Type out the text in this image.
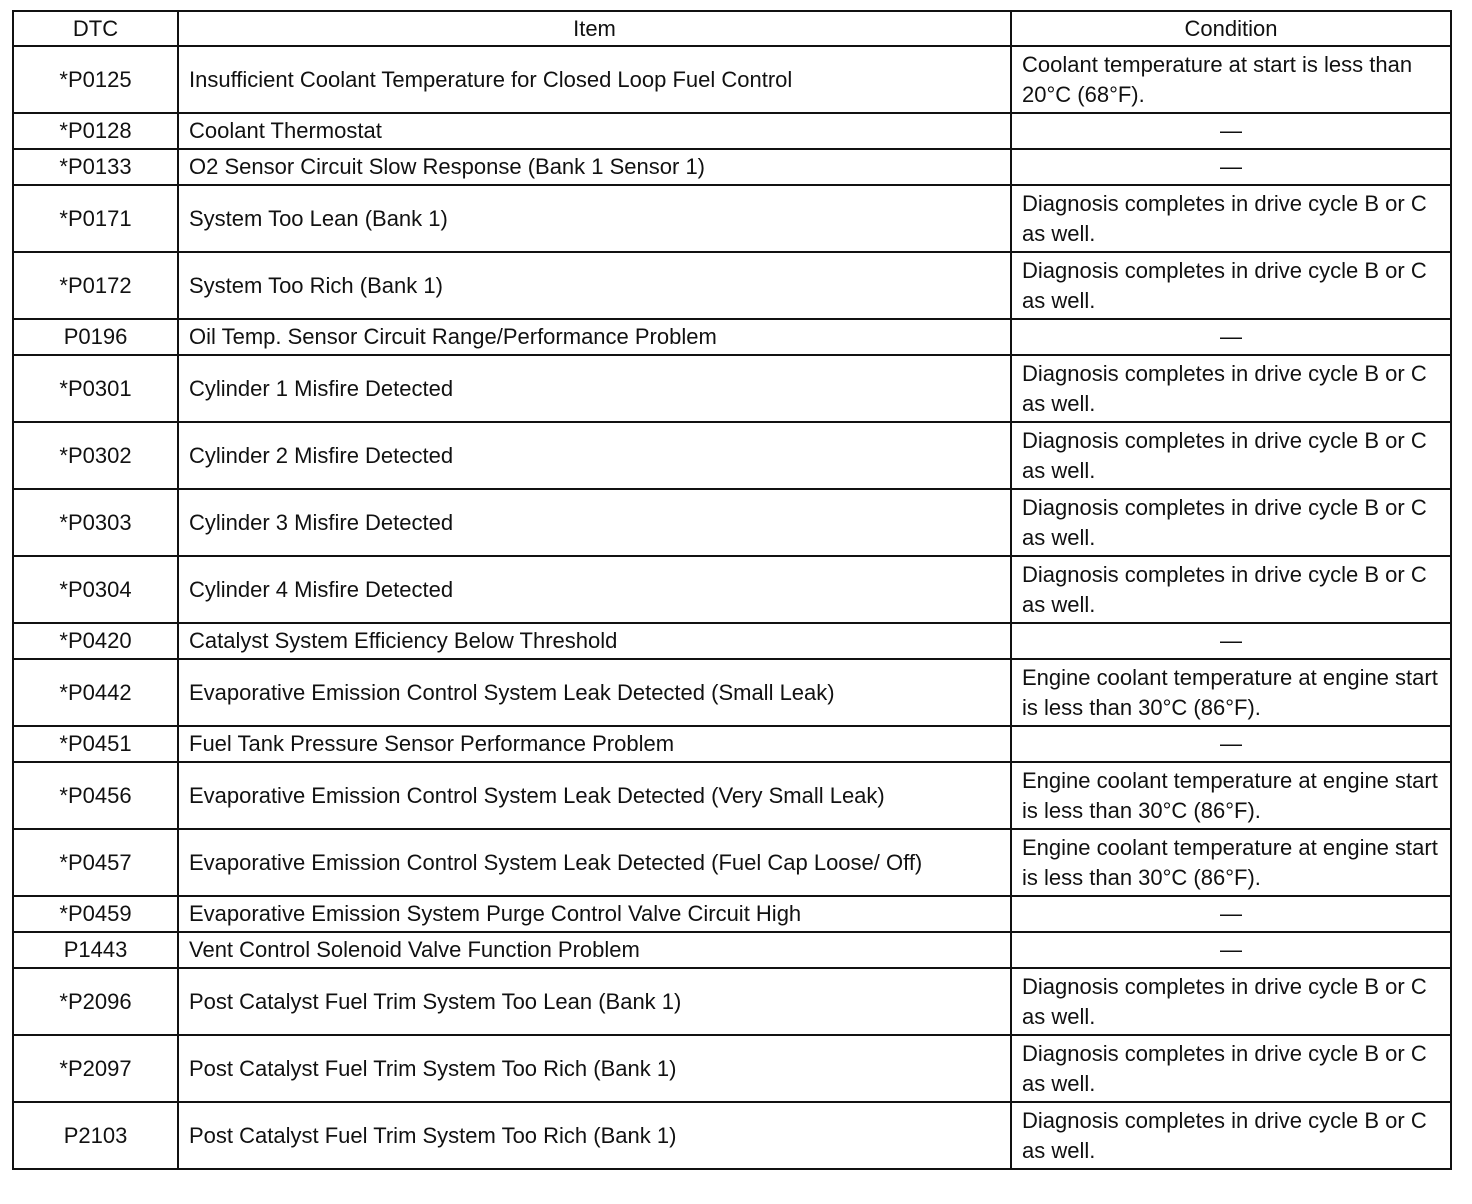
DTC	Item	Condition
*P0125	Insufficient Coolant Temperature for Closed Loop Fuel Control	Coolant temperature at start is less than 20°C (68°F).
*P0128	Coolant Thermostat	—
*P0133	O2 Sensor Circuit Slow Response (Bank 1 Sensor 1)	—
*P0171	System Too Lean (Bank 1)	Diagnosis completes in drive cycle B or C as well.
*P0172	System Too Rich (Bank 1)	Diagnosis completes in drive cycle B or C as well.
P0196	Oil Temp. Sensor Circuit Range/Performance Problem	—
*P0301	Cylinder 1 Misfire Detected	Diagnosis completes in drive cycle B or C as well.
*P0302	Cylinder 2 Misfire Detected	Diagnosis completes in drive cycle B or C as well.
*P0303	Cylinder 3 Misfire Detected	Diagnosis completes in drive cycle B or C as well.
*P0304	Cylinder 4 Misfire Detected	Diagnosis completes in drive cycle B or C as well.
*P0420	Catalyst System Efficiency Below Threshold	—
*P0442	Evaporative Emission Control System Leak Detected (Small Leak)	Engine coolant temperature at engine start is less than 30°C (86°F).
*P0451	Fuel Tank Pressure Sensor Performance Problem	—
*P0456	Evaporative Emission Control System Leak Detected (Very Small Leak)	Engine coolant temperature at engine start is less than 30°C (86°F).
*P0457	Evaporative Emission Control System Leak Detected (Fuel Cap Loose/ Off)	Engine coolant temperature at engine start is less than 30°C (86°F).
*P0459	Evaporative Emission System Purge Control Valve Circuit High	—
P1443	Vent Control Solenoid Valve Function Problem	—
*P2096	Post Catalyst Fuel Trim System Too Lean (Bank 1)	Diagnosis completes in drive cycle B or C as well.
*P2097	Post Catalyst Fuel Trim System Too Rich (Bank 1)	Diagnosis completes in drive cycle B or C as well.
P2103	Post Catalyst Fuel Trim System Too Rich (Bank 1)	Diagnosis completes in drive cycle B or C as well.
